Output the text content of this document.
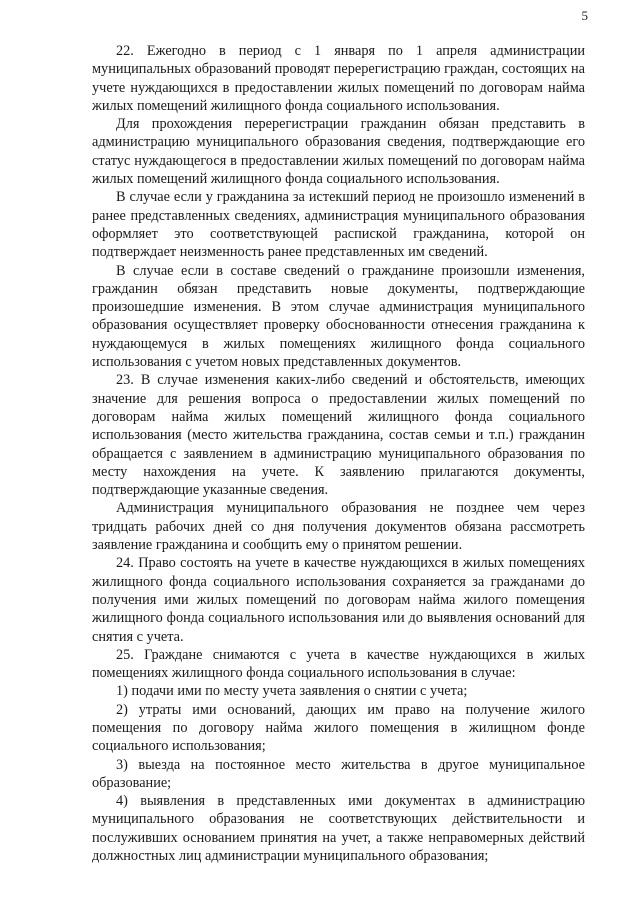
5

22. Ежегодно в период с 1 января по 1 апреля администрации муниципальных образований проводят перерегистрацию граждан, состоящих на учете нуждающихся в предоставлении жилых помещений по договорам найма жилых помещений жилищного фонда социального использования.

Для прохождения перерегистрации гражданин обязан представить в администрацию муниципального образования сведения, подтверждающие его статус нуждающегося в предоставлении жилых помещений по договорам найма жилых помещений жилищного фонда социального использования.

В случае если у гражданина за истекший период не произошло изменений в ранее представленных сведениях, администрация муниципального образования оформляет это соответствующей распиской гражданина, которой он подтверждает неизменность ранее представленных им сведений.

В случае если в составе сведений о гражданине произошли изменения, гражданин обязан представить новые документы, подтверждающие произошедшие изменения. В этом случае администрация муниципального образования осуществляет проверку обоснованности отнесения гражданина к нуждающемуся в жилых помещениях жилищного фонда социального использования с учетом новых представленных документов.

23. В случае изменения каких-либо сведений и обстоятельств, имеющих значение для решения вопроса о предоставлении жилых помещений по договорам найма жилых помещений жилищного фонда социального использования (место жительства гражданина, состав семьи и т.п.) гражданин обращается с заявлением в администрацию муниципального образования по месту нахождения на учете. К заявлению прилагаются документы, подтверждающие указанные сведения.

Администрация муниципального образования не позднее чем через тридцать рабочих дней со дня получения документов обязана рассмотреть заявление гражданина и сообщить ему о принятом решении.

24. Право состоять на учете в качестве нуждающихся в жилых помещениях жилищного фонда социального использования сохраняется за гражданами до получения ими жилых помещений по договорам найма жилого помещения жилищного фонда социального использования или до выявления оснований для снятия с учета.

25. Граждане снимаются с учета в качестве нуждающихся в жилых помещениях жилищного фонда социального использования в случае:

1) подачи ими по месту учета заявления о снятии с учета;

2) утраты ими оснований, дающих им право на получение жилого помещения по договору найма жилого помещения в жилищном фонде социального использования;

3) выезда на постоянное место жительства в другое муниципальное образование;

4) выявления в представленных ими документах в администрацию муниципального образования не соответствующих действительности и послуживших основанием принятия на учет, а также неправомерных действий должностных лиц администрации муниципального образования;
